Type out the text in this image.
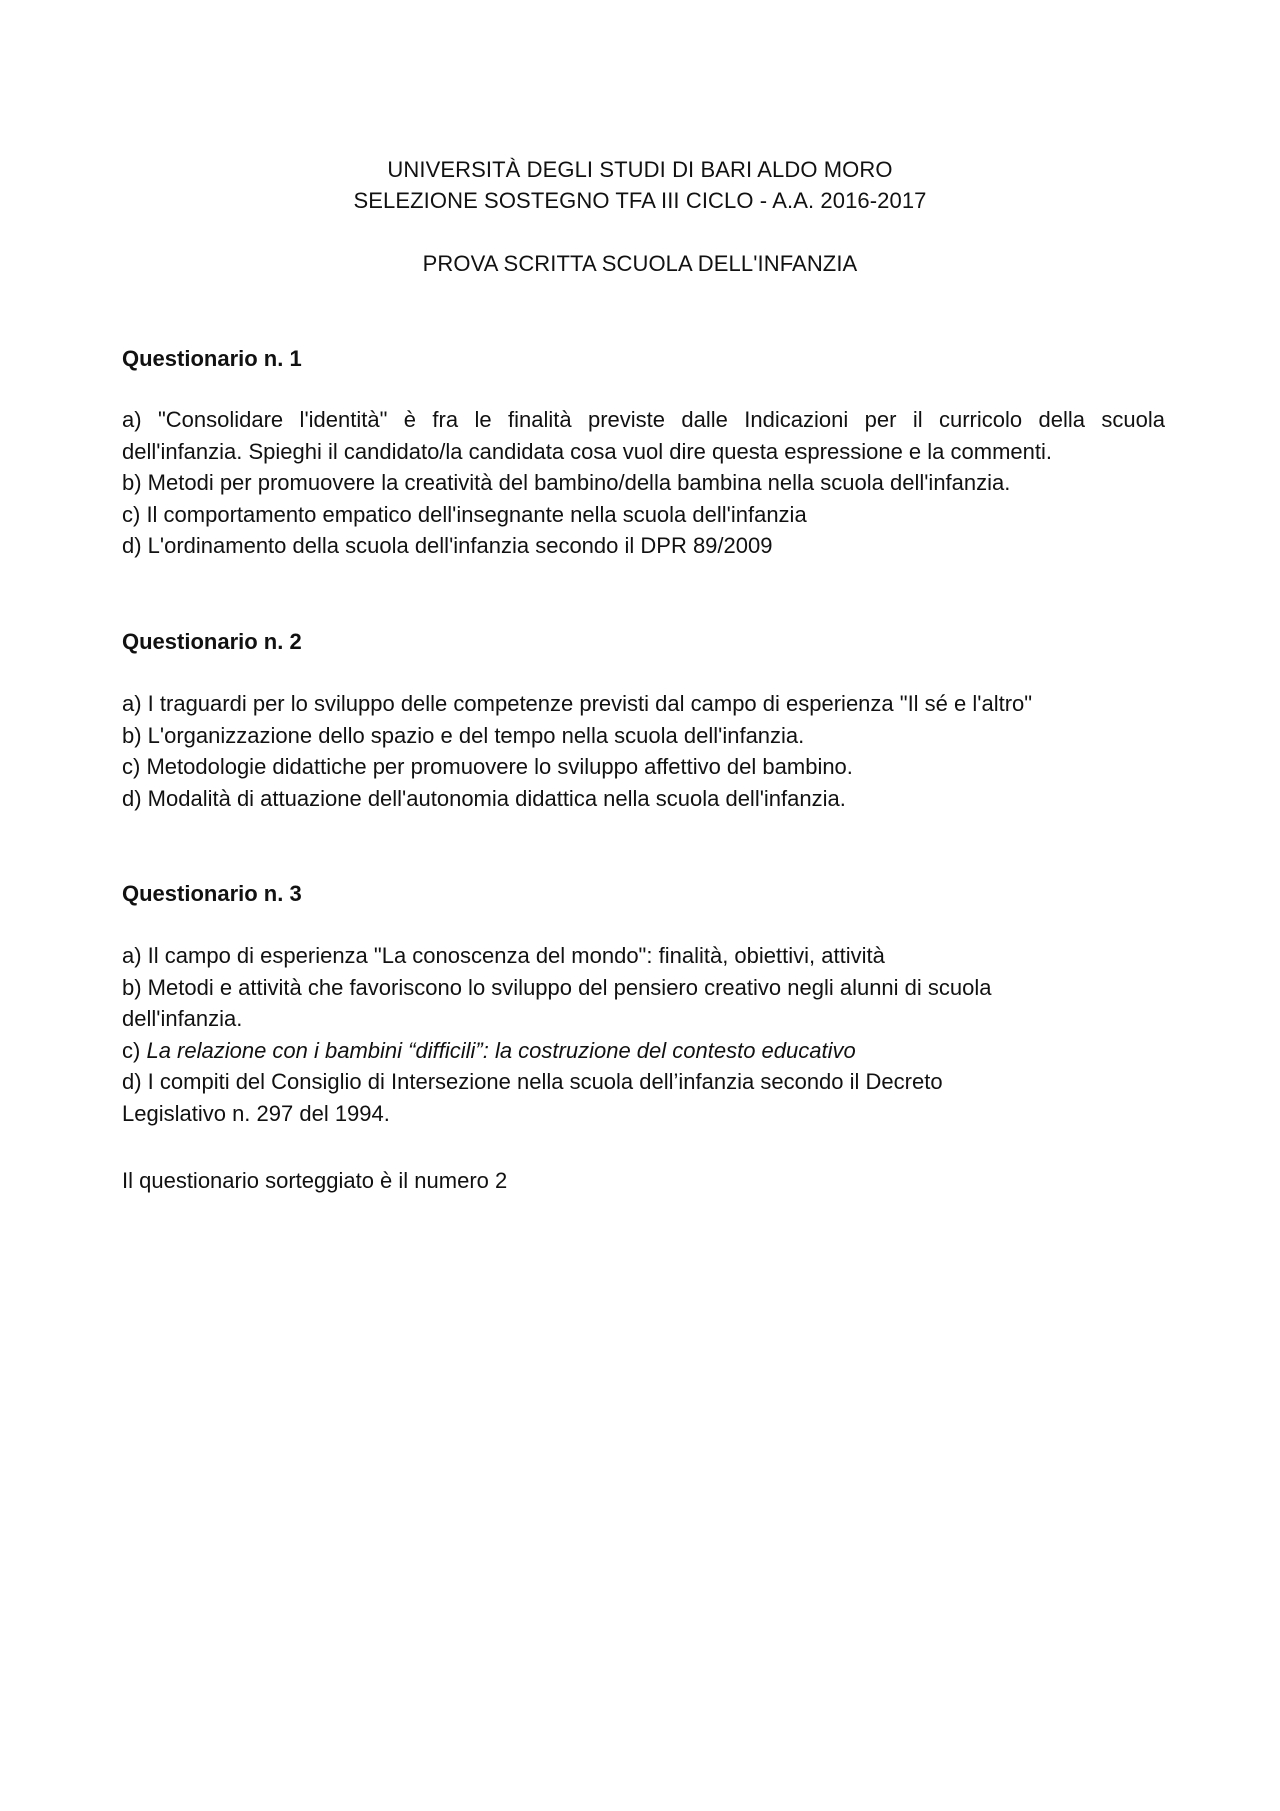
UNIVERSITÀ DEGLI STUDI DI BARI ALDO MORO
SELEZIONE SOSTEGNO TFA III CICLO - A.A. 2016-2017
PROVA SCRITTA SCUOLA DELL'INFANZIA
Questionario n. 1
a) "Consolidare l'identità" è fra le finalità previste dalle Indicazioni per il curricolo della scuola
dell'infanzia. Spieghi il candidato/la candidata cosa vuol dire questa espressione e la commenti.
b) Metodi per promuovere la creatività del bambino/della bambina nella scuola dell'infanzia.
c) Il comportamento empatico dell'insegnante nella scuola dell'infanzia
d) L'ordinamento della scuola dell'infanzia secondo il DPR 89/2009
Questionario n. 2
a) I traguardi per lo sviluppo delle competenze previsti dal campo di esperienza "Il sé e l'altro"
b) L'organizzazione dello spazio e del tempo nella scuola dell'infanzia.
c) Metodologie didattiche per promuovere lo sviluppo affettivo del bambino.
d) Modalità di attuazione dell'autonomia didattica nella scuola dell'infanzia.
Questionario n. 3
a) Il campo di esperienza "La conoscenza del mondo": finalità, obiettivi, attività
b) Metodi e attività che favoriscono lo sviluppo del pensiero creativo negli alunni di scuola
dell'infanzia.
c) La relazione con i bambini “difficili”: la costruzione del contesto educativo
d) I compiti del Consiglio di Intersezione nella scuola dell’infanzia secondo il Decreto
Legislativo n. 297 del 1994.
Il questionario sorteggiato è il numero 2
